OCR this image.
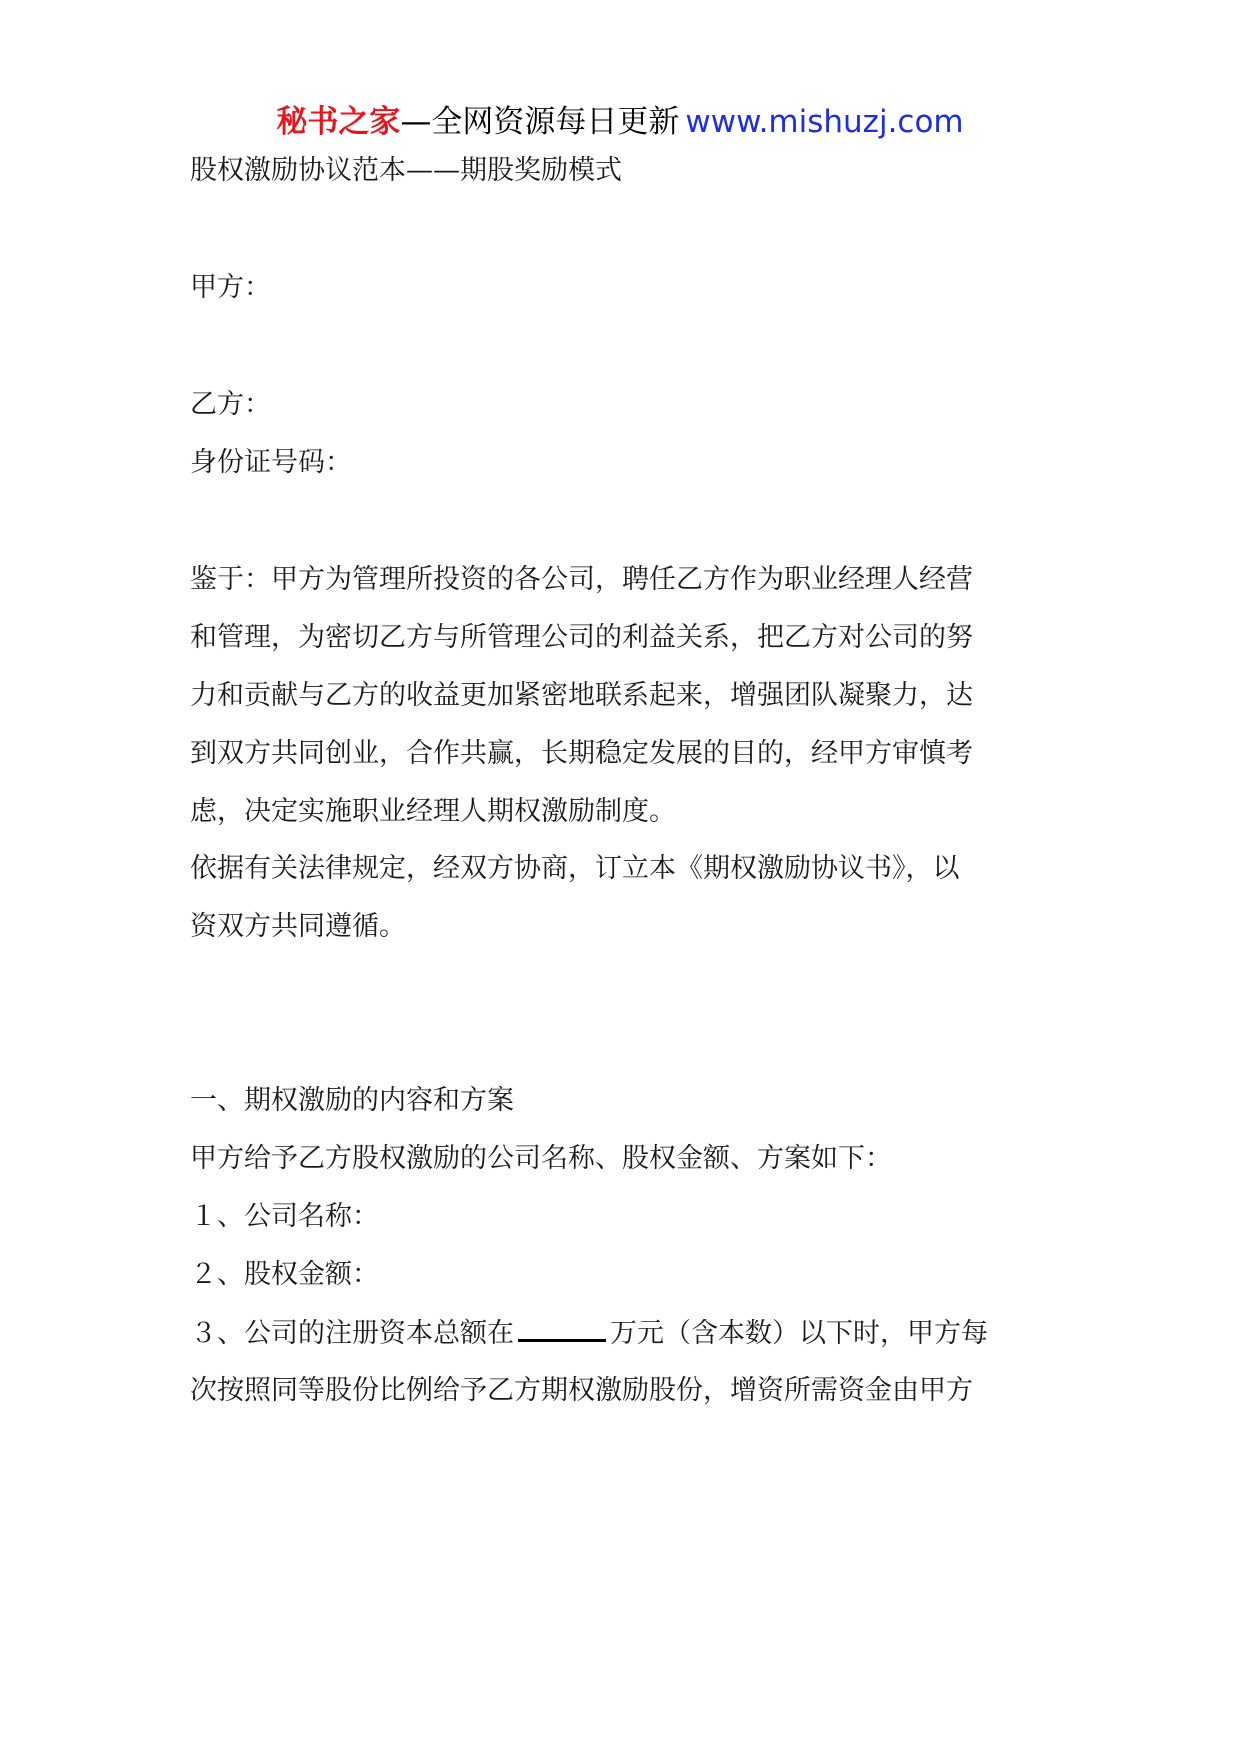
秘书之家—全网资源每日更新 www.mishuzj.com
股权激励协议范本——期股奖励模式
甲方：
乙方：
身份证号码：
鉴于：甲方为管理所投资的各公司，聘任乙方作为职业经理人经营
和管理，为密切乙方与所管理公司的利益关系，把乙方对公司的努
力和贡献与乙方的收益更加紧密地联系起来，增强团队凝聚力，达
到双方共同创业，合作共赢，长期稳定发展的目的，经甲方审慎考
虑，决定实施职业经理人期权激励制度。
依据有关法律规定，经双方协商，订立本《期权激励协议书》，以
资双方共同遵循。
一、期权激励的内容和方案
甲方给予乙方股权激励的公司名称、股权金额、方案如下：
１、公司名称：
２、股权金额：
３、公司的注册资本总额在	万元（含本数）以下时，甲方每
次按照同等股份比例给予乙方期权激励股份，增资所需资金由甲方
